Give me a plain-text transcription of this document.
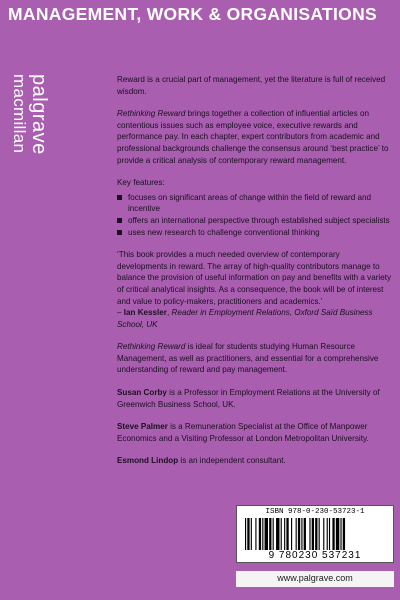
MANAGEMENT, WORK & ORGANISATIONS
palgrave
macmillan	Reward is a crucial part of management, yet the literature is full of received wisdom.

Rethinking Reward brings together a collection of influential articles on contentious issues such as employee voice, executive rewards and performance pay. In each chapter, expert contributors from academic and professional backgrounds challenge the consensus around ‘best practice’ to provide a critical analysis of contemporary reward management.

Key features:

focuses on significant areas of change within the field of reward and incentive
offers an international perspective through established subject specialists
uses new research to challenge conventional thinking

‘This book provides a much needed overview of contemporary developments in reward. The array of high-quality contributors manage to balance the provision of useful information on pay and benefits with a variety of critical analytical insights. As a consequence, the book will be of interest and value to policy-makers, practitioners and academics.’
– Ian Kessler, Reader in Employment Relations, Oxford Saïd Business School, UK

Rethinking Reward is ideal for students studying Human Resource Management, as well as practitioners, and essential for a comprehensive understanding of reward and pay management.

Susan Corby is a Professor in Employment Relations at the University of Greenwich Business School, UK.

Steve Palmer is a Remuneration Specialist at the Office of Manpower Economics and a Visiting Professor at London Metropolitan University.

Esmond Lindop is an independent consultant.

ISBN 978-0-230-53723-1
9 780230 537231
www.palgrave.com
